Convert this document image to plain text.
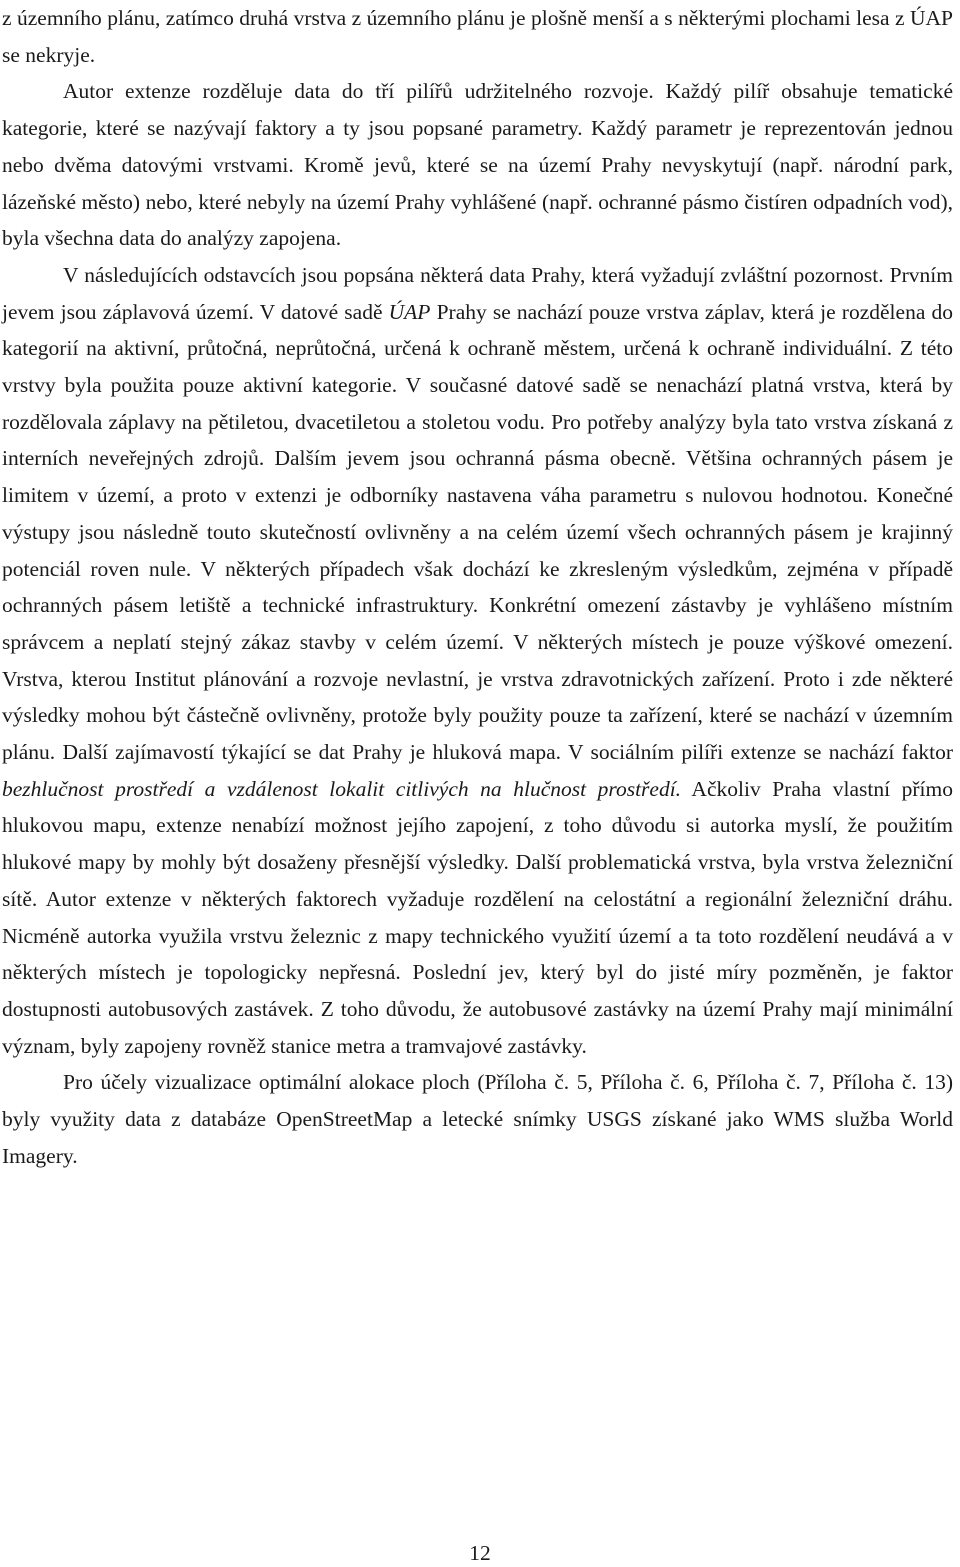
z územního plánu, zatímco druhá vrstva z územního plánu je plošně menší a s některými plochami lesa z ÚAP se nekryje.

Autor extenze rozděluje data do tří pilířů udržitelného rozvoje. Každý pilíř obsahuje tematické kategorie, které se nazývají faktory a ty jsou popsané parametry. Každý parametr je reprezentován jednou nebo dvěma datovými vrstvami. Kromě jevů, které se na území Prahy nevyskytují (např. národní park, lázeňské město) nebo, které nebyly na území Prahy vyhlášené (např. ochranné pásmo čistíren odpadních vod), byla všechna data do analýzy zapojena.

V následujících odstavcích jsou popsána některá data Prahy, která vyžadují zvláštní pozornost. Prvním jevem jsou záplavová území. V datové sadě ÚAP Prahy se nachází pouze vrstva záplav, která je rozdělena do kategorií na aktivní, průtočná, neprůtočná, určená k ochraně městem, určená k ochraně individuální. Z této vrstvy byla použita pouze aktivní kategorie. V současné datové sadě se nenachází platná vrstva, která by rozdělovala záplavy na pětiletou, dvacetiletou a stoletou vodu. Pro potřeby analýzy byla tato vrstva získaná z interních neveřejných zdrojů. Dalším jevem jsou ochranná pásma obecně. Většina ochranných pásem je limitem v území, a proto v extenzi je odborníky nastavena váha parametru s nulovou hodnotou. Konečné výstupy jsou následně touto skutečností ovlivněny a na celém území všech ochranných pásem je krajinný potenciál roven nule. V některých případech však dochází ke zkresleným výsledkům, zejména v případě ochranných pásem letiště a technické infrastruktury. Konkrétní omezení zástavby je vyhlášeno místním správcem a neplatí stejný zákaz stavby v celém území. V některých místech je pouze výškové omezení. Vrstva, kterou Institut plánování a rozvoje nevlastní, je vrstva zdravotnických zařízení. Proto i zde některé výsledky mohou být částečně ovlivněny, protože byly použity pouze ta zařízení, které se nachází v územním plánu. Další zajímavostí týkající se dat Prahy je hluková mapa. V sociálním pilíři extenze se nachází faktor bezhlučnost prostředí a vzdálenost lokalit citlivých na hlučnost prostředí. Ačkoliv Praha vlastní přímo hlukovou mapu, extenze nenabízí možnost jejího zapojení, z toho důvodu si autorka myslí, že použitím hlukové mapy by mohly být dosaženy přesnější výsledky. Další problematická vrstva, byla vrstva železniční sítě. Autor extenze v některých faktorech vyžaduje rozdělení na celostátní a regionální železniční dráhu. Nicméně autorka využila vrstvu železnic z mapy technického využití území a ta toto rozdělení neudává a v některých místech je topologicky nepřesná. Poslední jev, který byl do jisté míry pozměněn, je faktor dostupnosti autobusových zastávek. Z toho důvodu, že autobusové zastávky na území Prahy mají minimální význam, byly zapojeny rovněž stanice metra a tramvajové zastávky.

Pro účely vizualizace optimální alokace ploch (Příloha č. 5, Příloha č. 6, Příloha č. 7, Příloha č. 13) byly využity data z databáze OpenStreetMap a letecké snímky USGS získané jako WMS služba World Imagery.

12
